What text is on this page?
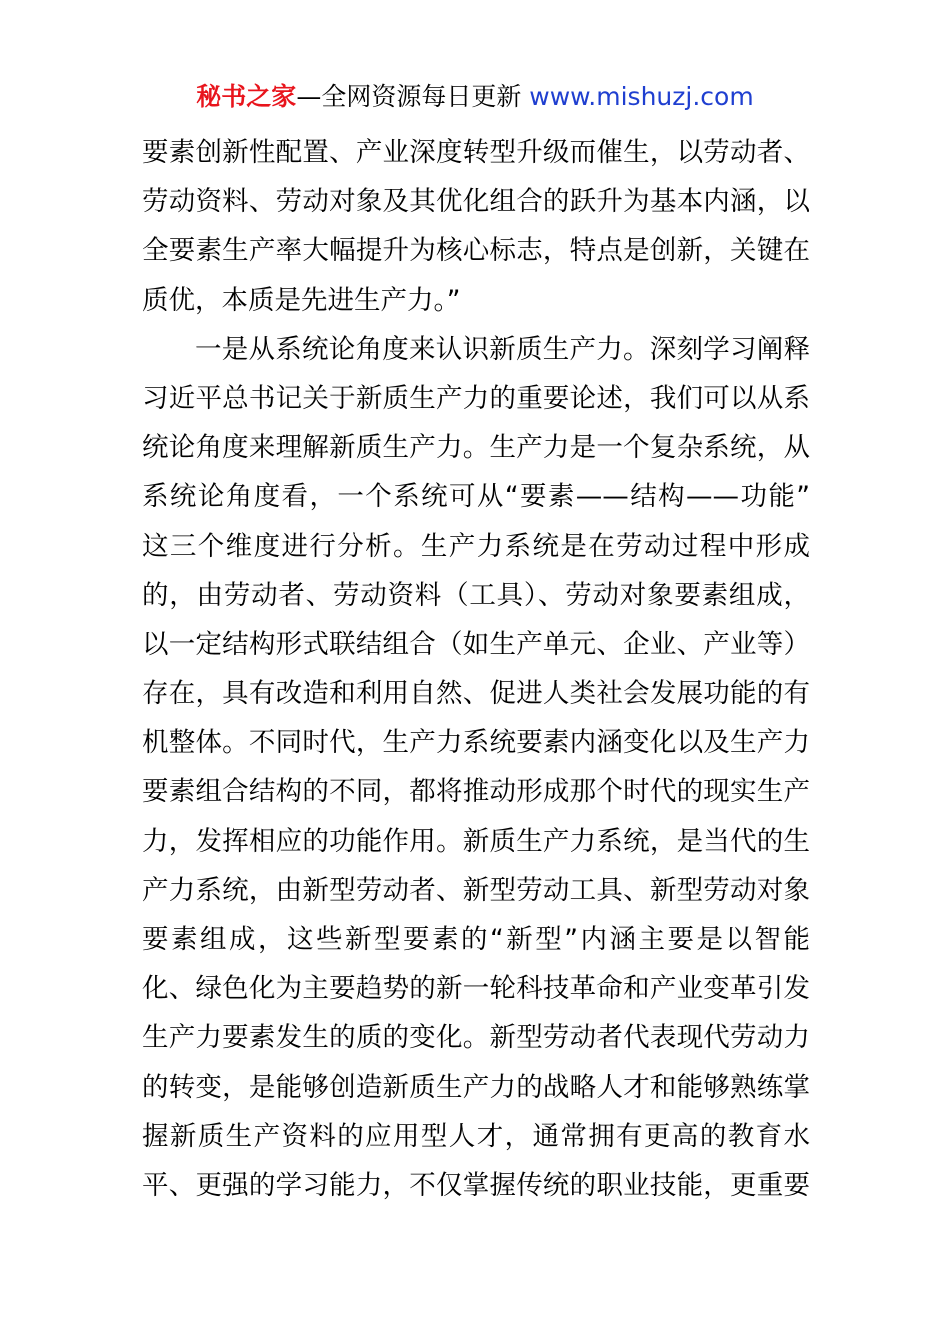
秘书之家—全网资源每日更新 www.mishuzj.com
要素创新性配置、产业深度转型升级而催生，以劳动者、
劳动资料、劳动对象及其优化组合的跃升为基本内涵，以
全要素生产率大幅提升为核心标志，特点是创新，关键在
质优，本质是先进生产力。”
一是从系统论角度来认识新质生产力。深刻学习阐释
习近平总书记关于新质生产力的重要论述，我们可以从系
统论角度来理解新质生产力。生产力是一个复杂系统，从
系统论角度看，一个系统可从“要素——结构——功能”
这三个维度进行分析。生产力系统是在劳动过程中形成
的，由劳动者、劳动资料（工具）、劳动对象要素组成，
以一定结构形式联结组合（如生产单元、企业、产业等）
存在，具有改造和利用自然、促进人类社会发展功能的有
机整体。不同时代，生产力系统要素内涵变化以及生产力
要素组合结构的不同，都将推动形成那个时代的现实生产
力，发挥相应的功能作用。新质生产力系统，是当代的生
产力系统，由新型劳动者、新型劳动工具、新型劳动对象
要素组成，这些新型要素的“新型”内涵主要是以智能
化、绿色化为主要趋势的新一轮科技革命和产业变革引发
生产力要素发生的质的变化。新型劳动者代表现代劳动力
的转变，是能够创造新质生产力的战略人才和能够熟练掌
握新质生产资料的应用型人才，通常拥有更高的教育水
平、更强的学习能力，不仅掌握传统的职业技能，更重要
